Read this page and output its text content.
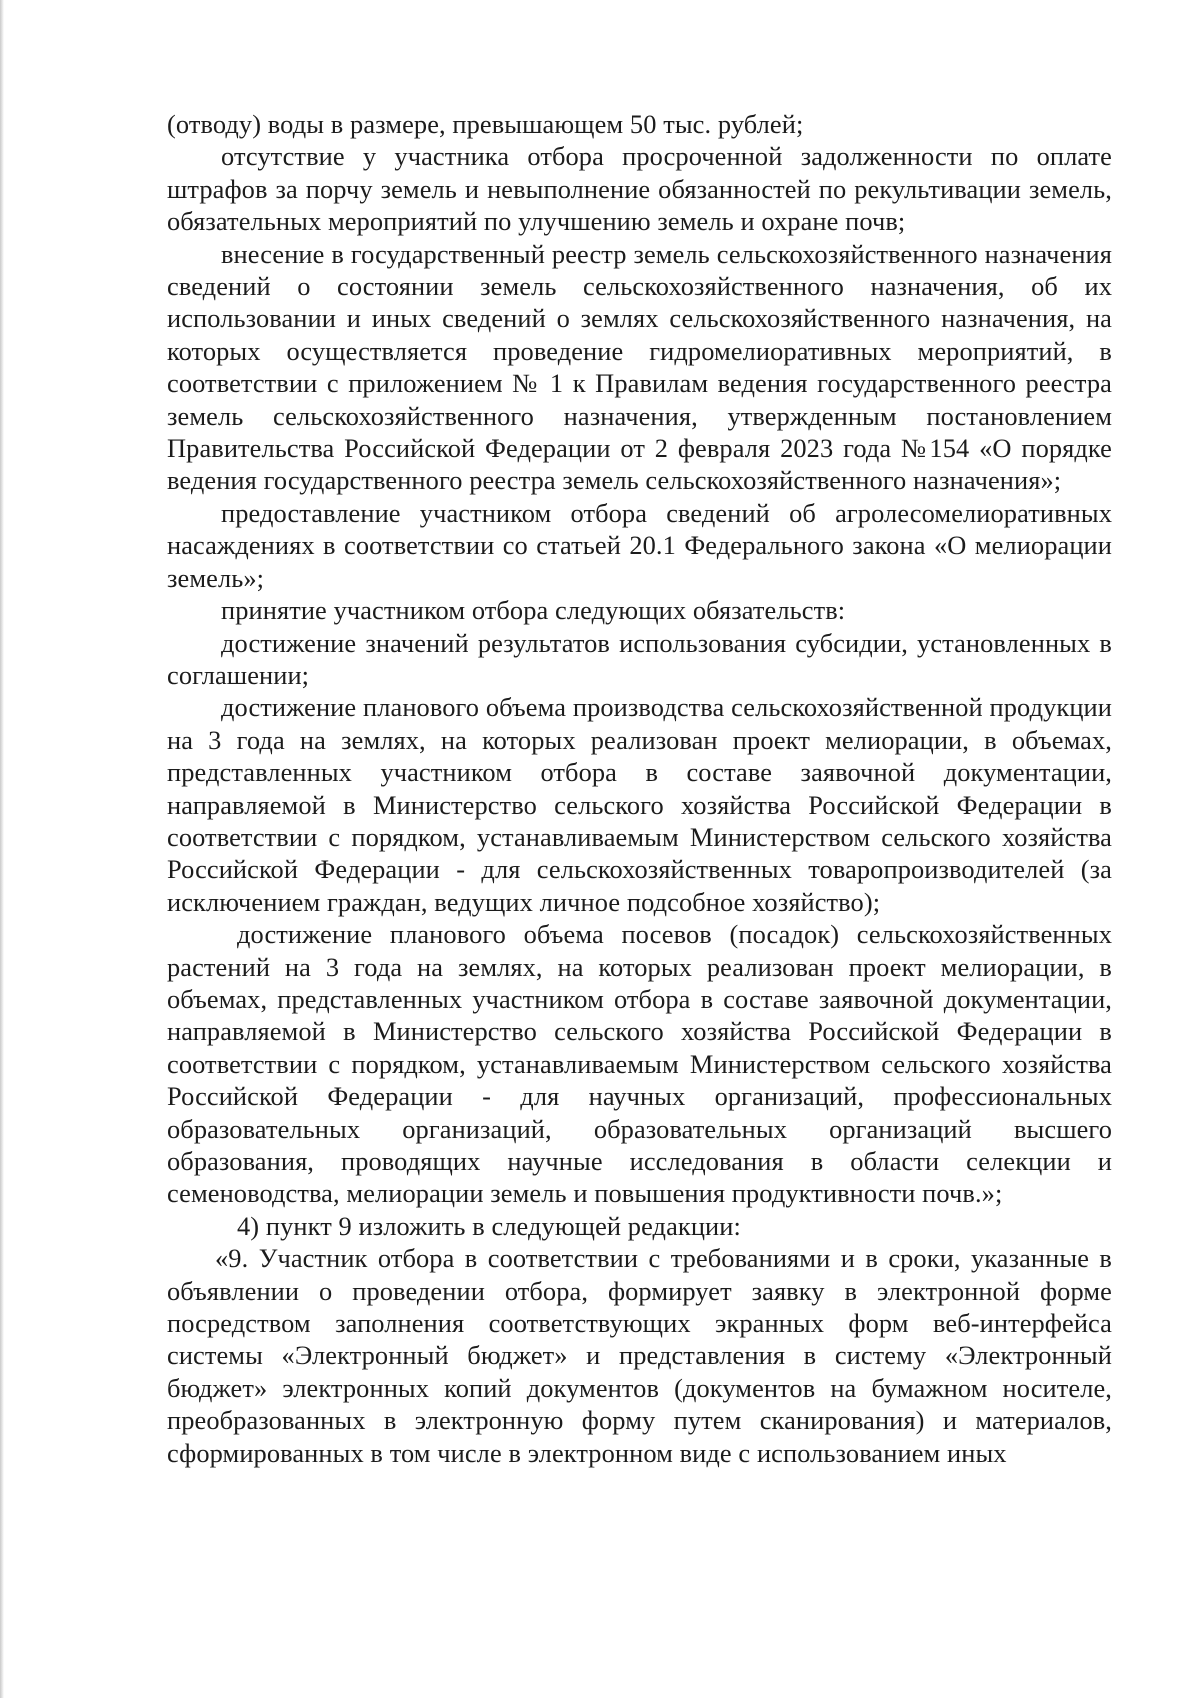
(отводу) воды в размере, превышающем 50 тыс. рублей;

отсутствие у участника отбора просроченной задолженности по оплате штрафов за порчу земель и невыполнение обязанностей по рекультивации земель, обязательных мероприятий по улучшению земель и охране почв;

внесение в государственный реестр земель сельскохозяйственного назначения сведений о состоянии земель сельскохозяйственного назначения, об их использовании и иных сведений о землях сельскохозяйственного назначения, на которых осуществляется проведение гидромелиоративных мероприятий, в соответствии с приложением № 1 к Правилам ведения государственного реестра земель сельскохозяйственного назначения, утвержденным постановлением Правительства Российской Федерации от 2 февраля 2023 года №154 «О порядке ведения государственного реестра земель сельскохозяйственного назначения»;

предоставление участником отбора сведений об агролесомелиоративных насаждениях в соответствии со статьей 20.1 Федерального закона «О мелиорации земель»;

принятие участником отбора следующих обязательств:

достижение значений результатов использования субсидии, установленных в соглашении;

достижение планового объема производства сельскохозяйственной продукции на 3 года на землях, на которых реализован проект мелиорации, в объемах, представленных участником отбора в составе заявочной документации, направляемой в Министерство сельского хозяйства Российской Федерации в соответствии с порядком, устанавливаемым Министерством сельского хозяйства Российской Федерации - для сельскохозяйственных товаропроизводителей (за исключением граждан, ведущих личное подсобное хозяйство);

достижение планового объема посевов (посадок) сельскохозяйственных растений на 3 года на землях, на которых реализован проект мелиорации, в объемах, представленных участником отбора в составе заявочной документации, направляемой в Министерство сельского хозяйства Российской Федерации в соответствии с порядком, устанавливаемым Министерством сельского хозяйства Российской Федерации - для научных организаций, профессиональных образовательных организаций, образовательных организаций высшего образования, проводящих научные исследования в области селекции и семеноводства, мелиорации земель и повышения продуктивности почв.»;

4) пункт 9 изложить в следующей редакции:

«9. Участник отбора в соответствии с требованиями и в сроки, указанные в объявлении о проведении отбора, формирует заявку в электронной форме посредством заполнения соответствующих экранных форм веб-интерфейса системы «Электронный бюджет» и представления в систему «Электронный бюджет» электронных копий документов (документов на бумажном носителе, преобразованных в электронную форму путем сканирования) и материалов, сформированных в том числе в электронном виде с использованием иных
